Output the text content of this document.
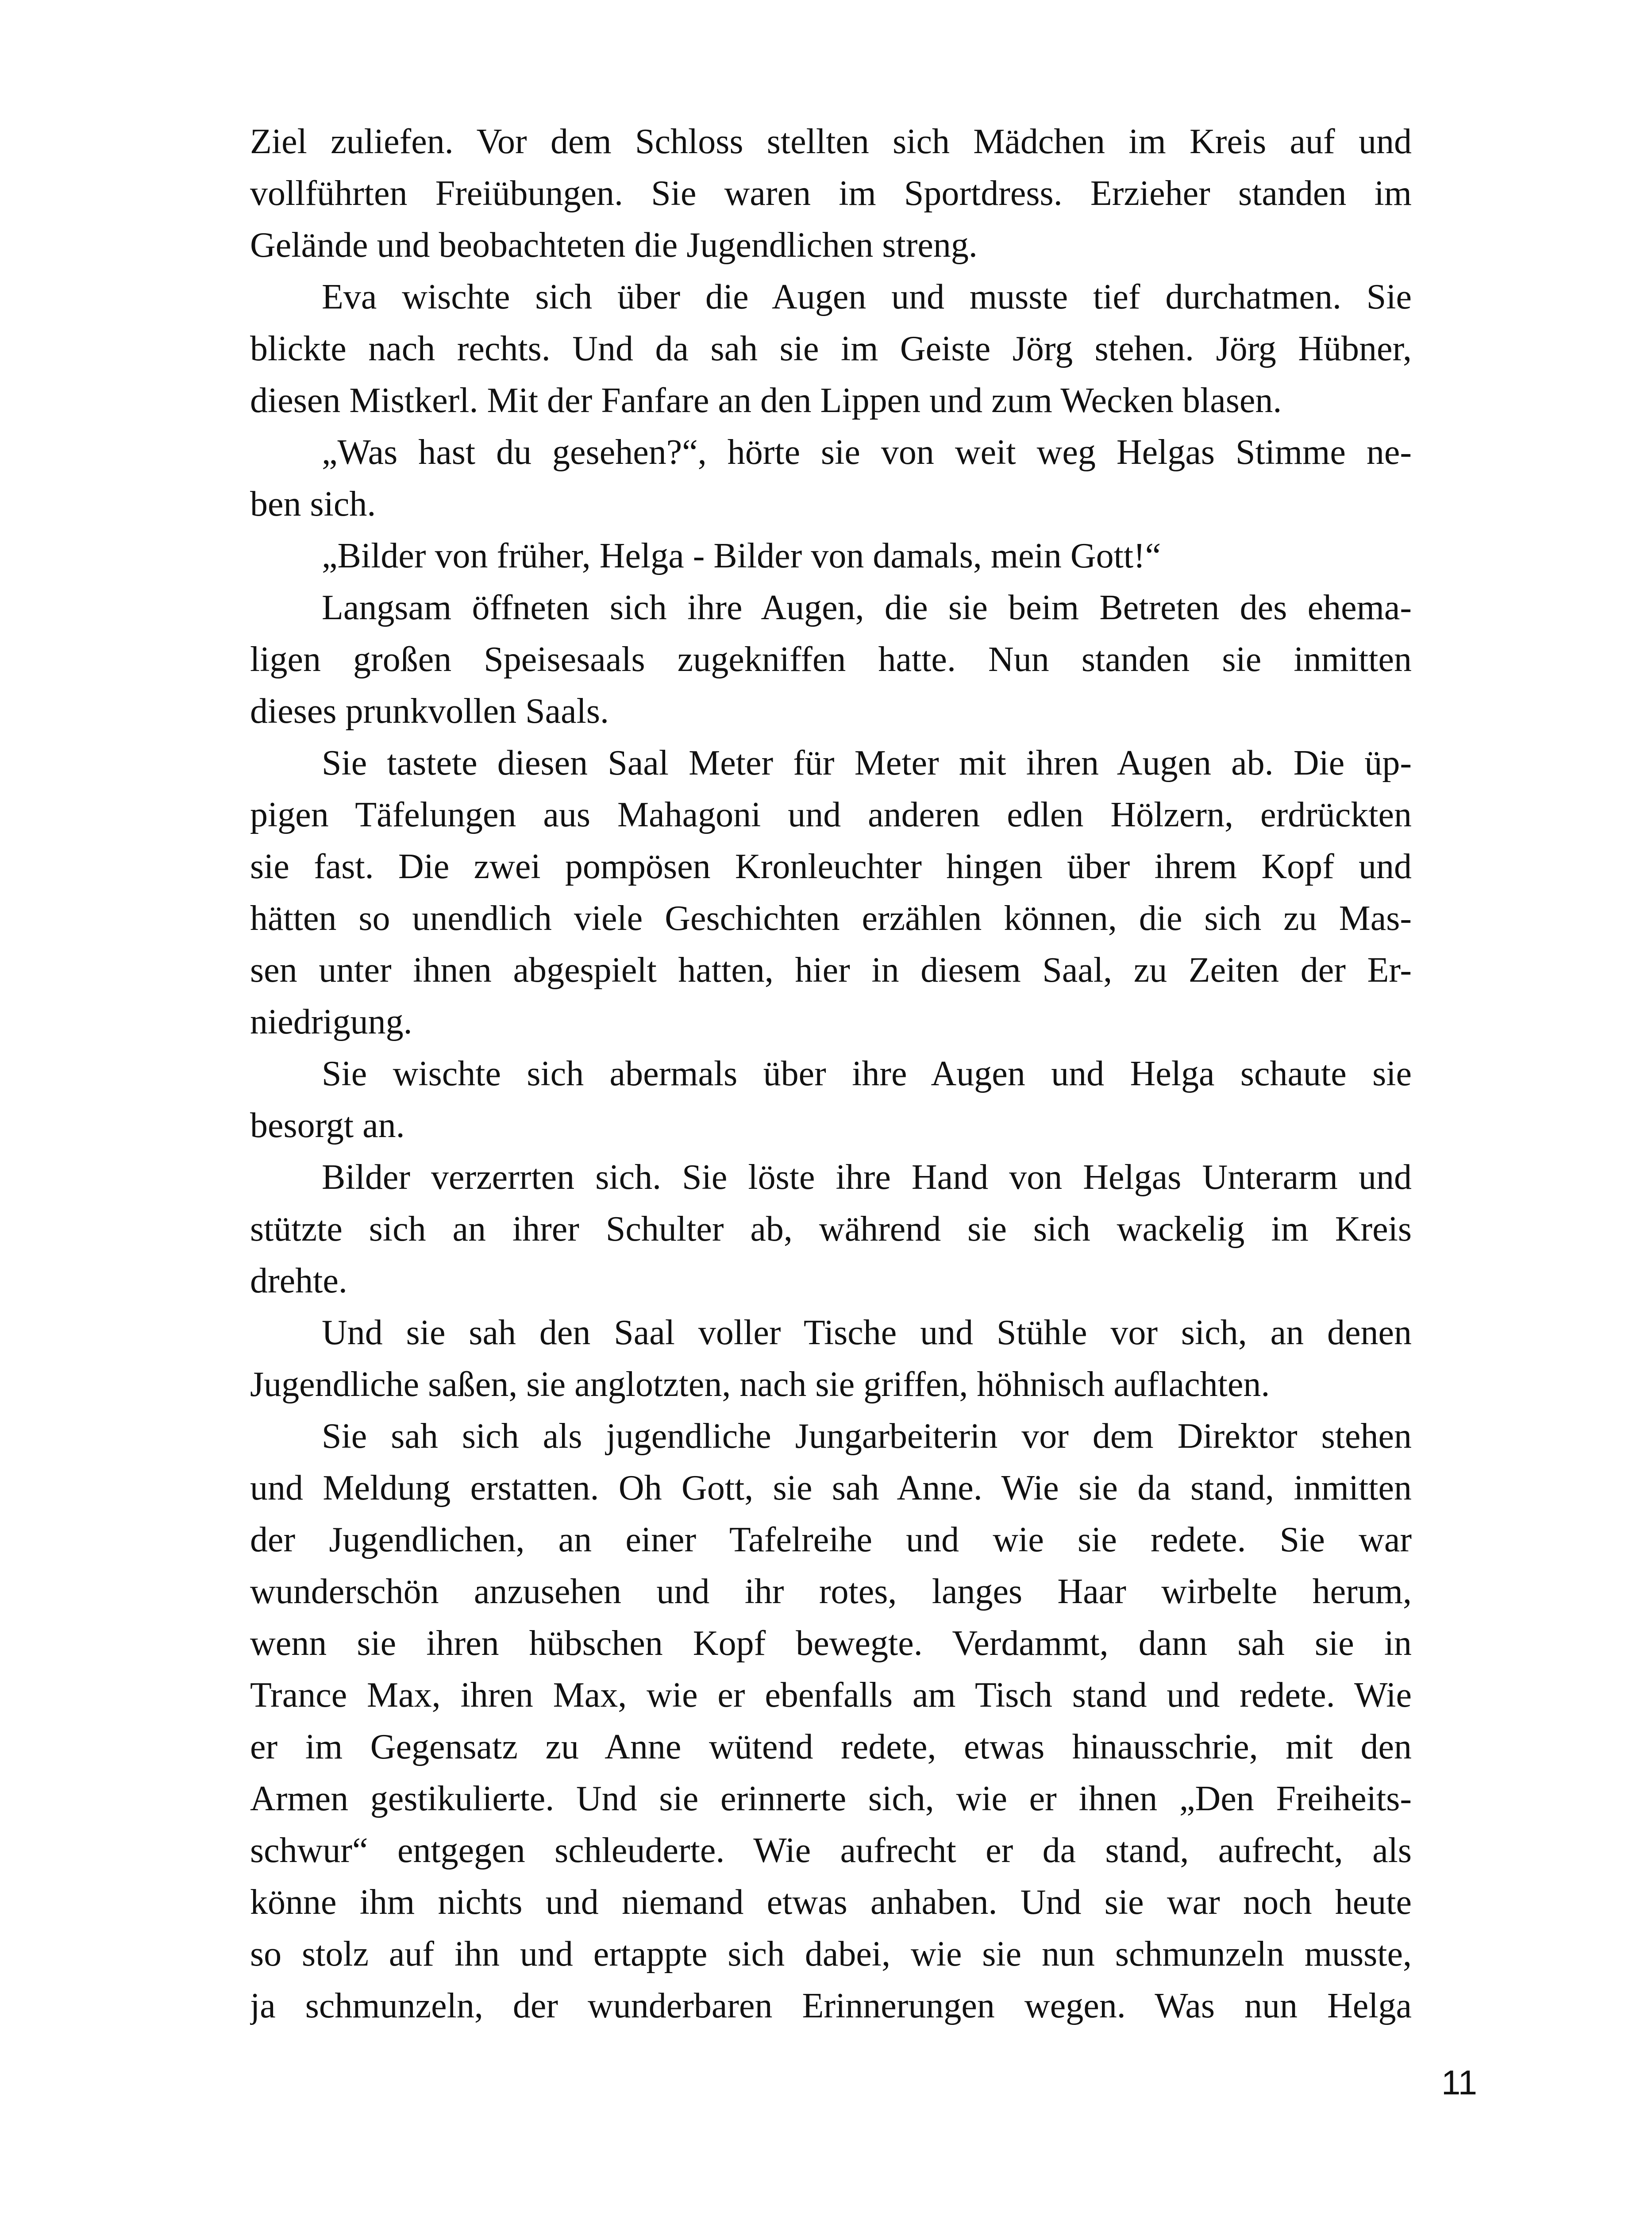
Ziel zuliefen. Vor dem Schloss stellten sich Mädchen im Kreis auf und
vollführten Freiübungen. Sie waren im Sportdress. Erzieher standen im
Gelände und beobachteten die Jugendlichen streng.
Eva wischte sich über die Augen und musste tief durchatmen. Sie
blickte nach rechts. Und da sah sie im Geiste Jörg stehen. Jörg Hübner,
diesen Mistkerl. Mit der Fanfare an den Lippen und zum Wecken blasen.
„Was hast du gesehen?“, hörte sie von weit weg Helgas Stimme ne-
ben sich.
„Bilder von früher, Helga - Bilder von damals, mein Gott!“
Langsam öffneten sich ihre Augen, die sie beim Betreten des ehema-
ligen großen Speisesaals zugekniffen hatte. Nun standen sie inmitten
dieses prunkvollen Saals.
Sie tastete diesen Saal Meter für Meter mit ihren Augen ab. Die üp-
pigen Täfelungen aus Mahagoni und anderen edlen Hölzern, erdrückten
sie fast. Die zwei pompösen Kronleuchter hingen über ihrem Kopf und
hätten so unendlich viele Geschichten erzählen können, die sich zu Mas-
sen unter ihnen abgespielt hatten, hier in diesem Saal, zu Zeiten der Er-
niedrigung.
Sie wischte sich abermals über ihre Augen und Helga schaute sie
besorgt an.
Bilder verzerrten sich. Sie löste ihre Hand von Helgas Unterarm und
stützte sich an ihrer Schulter ab, während sie sich wackelig im Kreis
drehte.
Und sie sah den Saal voller Tische und Stühle vor sich, an denen
Jugendliche saßen, sie anglotzten, nach sie griffen, höhnisch auflachten.
Sie sah sich als jugendliche Jungarbeiterin vor dem Direktor stehen
und Meldung erstatten. Oh Gott, sie sah Anne. Wie sie da stand, inmitten
der Jugendlichen, an einer Tafelreihe und wie sie redete. Sie war
wunderschön anzusehen und ihr rotes, langes Haar wirbelte herum,
wenn sie ihren hübschen Kopf bewegte. Verdammt, dann sah sie in
Trance Max, ihren Max, wie er ebenfalls am Tisch stand und redete. Wie
er im Gegensatz zu Anne wütend redete, etwas hinausschrie, mit den
Armen gestikulierte. Und sie erinnerte sich, wie er ihnen „Den Freiheits-
schwur“ entgegen schleuderte. Wie aufrecht er da stand, aufrecht, als
könne ihm nichts und niemand etwas anhaben. Und sie war noch heute
so stolz auf ihn und ertappte sich dabei, wie sie nun schmunzeln musste,
ja schmunzeln, der wunderbaren Erinnerungen wegen. Was nun Helga
11
